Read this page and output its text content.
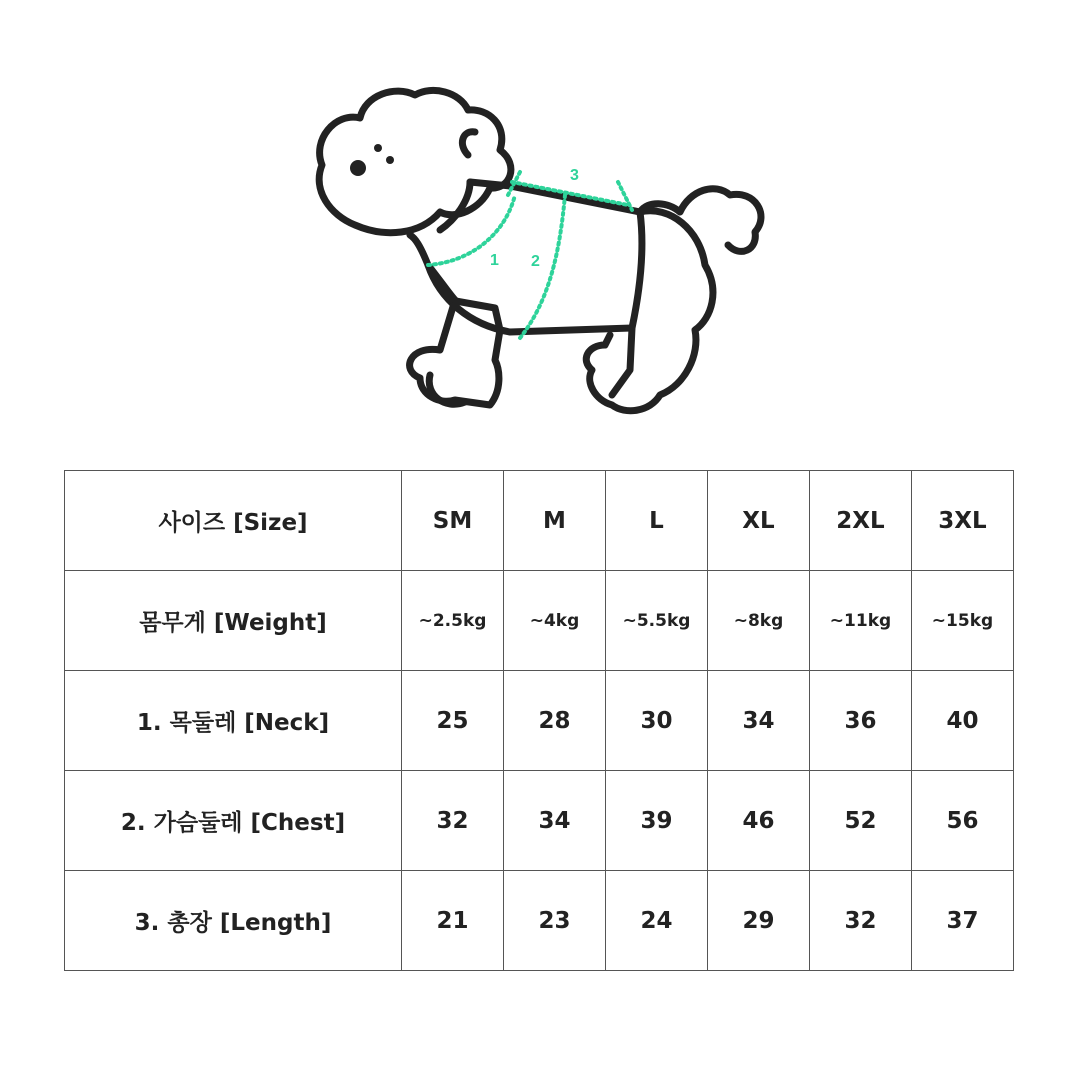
1 2
3
사이즈 [Size]	SM	M	L	XL	2XL	3XL
몸무게 [Weight]	~2.5kg	~4kg	~5.5kg	~8kg	~11kg	~15kg
1. 목둘레 [Neck]	25	28	30	34	36	40
2. 가슴둘레 [Chest]	32	34	39	46	52	56
3. 총장 [Length]	21	23	24	29	32	37
